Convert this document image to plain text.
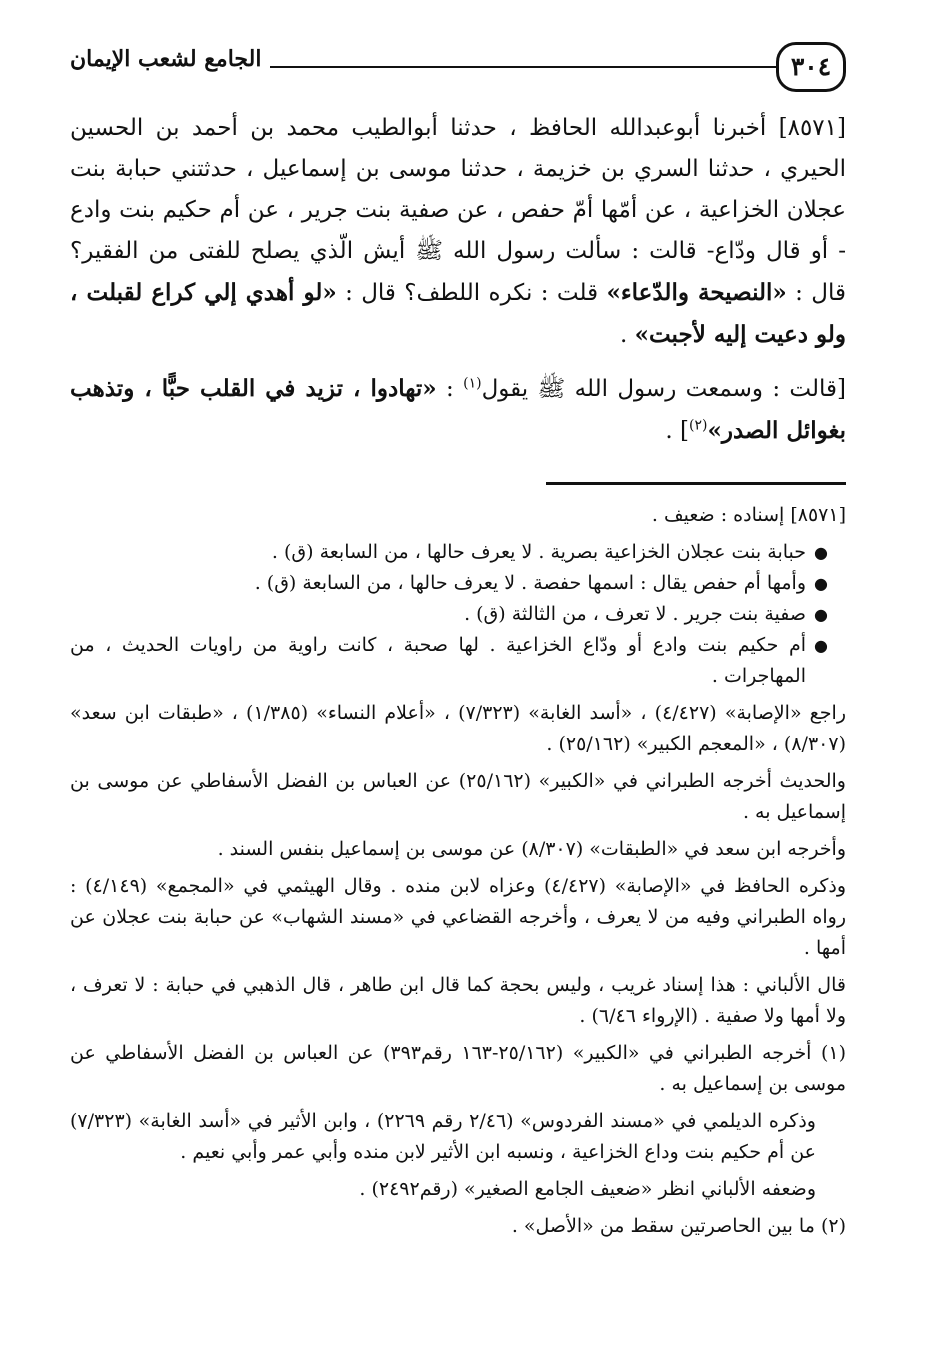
٣٠٤
الجامع لشعب الإيمان

[٨٥٧١] أخبرنا أبوعبدالله الحافظ ، حدثنا أبوالطيب محمد بن أحمد بن الحسين الحيري ، حدثنا السري بن خزيمة ، حدثنا موسى بن إسماعيل ، حدثتني حبابة بنت عجلان الخزاعية ، عن أمّها أمّ حفص ، عن صفية بنت جرير ، عن أم حكيم بنت وادع - أو قال ودّاع- قالت : سألت رسول الله ﷺ أيش الّذي يصلح للفتى من الفقير؟ قال : «النصيحة والدّعاء» قلت : نكره اللطف؟ قال : «لو أهدي إلي كراع لقبلت ، ولو دعيت إليه لأجبت» .

[قالت : وسمعت رسول الله ﷺ يقول$^{(١)}$ : «تهادوا ، تزيد في القلب حبًّا ، وتذهب بغوائل الصدر»$^{(٢)}$] .

[٨٥٧١] إسناده : ضعيف .

●
حبابة بنت عجلان الخزاعية بصرية . لا يعرف حالها ، من السابعة (ق) .
●
وأمها أم حفص يقال : اسمها حفصة . لا يعرف حالها ، من السابعة (ق) .
●
صفية بنت جرير . لا تعرف ، من الثالثة (ق) .
●
أم حكيم بنت وادع أو ودّاع الخزاعية . لها صحبة ، كانت راوية من راويات الحديث ، من المهاجرات .

راجع «الإصابة» (٤/٤٢٧) ، «أسد الغابة» (٧/٣٢٣) ، «أعلام النساء» (١/٣٨٥) ، «طبقات ابن سعد» (٨/٣٠٧) ، «المعجم الكبير» (٢٥/١٦٢) .

والحديث أخرجه الطبراني في «الكبير» (٢٥/١٦٢) عن العباس بن الفضل الأسفاطي عن موسى بن إسماعيل به .

وأخرجه ابن سعد في «الطبقات» (٨/٣٠٧) عن موسى بن إسماعيل بنفس السند .

وذكره الحافظ في «الإصابة» (٤/٤٢٧) وعزاه لابن منده . وقال الهيثمي في «المجمع» (٤/١٤٩) : رواه الطبراني وفيه من لا يعرف ، وأخرجه القضاعي في «مسند الشهاب» عن حبابة بنت عجلان عن أمها .

قال الألباني : هذا إسناد غريب ، وليس بحجة كما قال ابن طاهر ، قال الذهبي في حبابة : لا تعرف ، ولا أمها ولا صفية . (الإرواء ٦/٤٦) .

(١) أخرجه الطبراني في «الكبير» (٢٥/١٦٢-١٦٣ رقم٣٩٣) عن العباس بن الفضل الأسفاطي عن موسى بن إسماعيل به .

وذكره الديلمي في «مسند الفردوس» (٢/٤٦ رقم ٢٢٦٩) ، وابن الأثير في «أسد الغابة» (٧/٣٢٣) عن أم حكيم بنت وداع الخزاعية ، ونسبه ابن الأثير لابن منده وأبي عمر وأبي نعيم .

وضعفه الألباني انظر «ضعيف الجامع الصغير» (رقم٢٤٩٢) .

(٢) ما بين الحاصرتين سقط من «الأصل» .
